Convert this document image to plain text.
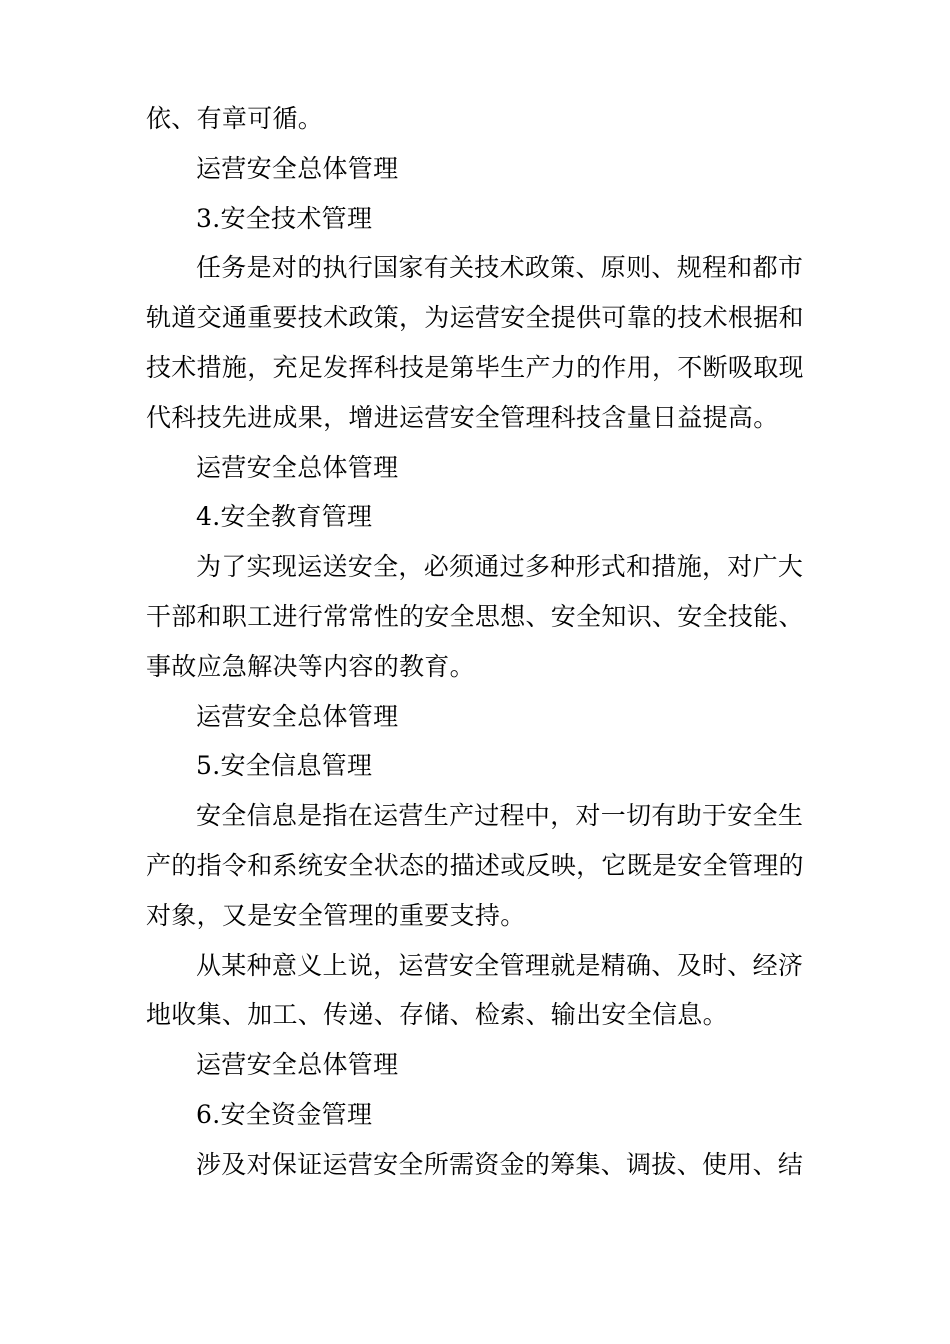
依、有章可循。
运营安全总体管理
3.安全技术管理
任务是对的执行国家有关技术政策、原则、规程和都市
轨道交通重要技术政策，为运营安全提供可靠的技术根据和
技术措施，充足发挥科技是第毕生产力的作用，不断吸取现
代科技先进成果，增进运营安全管理科技含量日益提高。
运营安全总体管理
4.安全教育管理
为了实现运送安全，必须通过多种形式和措施，对广大
干部和职工进行常常性的安全思想、安全知识、安全技能、
事故应急解决等内容的教育。
运营安全总体管理
5.安全信息管理
安全信息是指在运营生产过程中，对一切有助于安全生
产的指令和系统安全状态的描述或反映，它既是安全管理的
对象，又是安全管理的重要支持。
从某种意义上说，运营安全管理就是精确、及时、经济
地收集、加工、传递、存储、检索、输出安全信息。
运营安全总体管理
6.安全资金管理
涉及对保证运营安全所需资金的筹集、调拔、使用、结
